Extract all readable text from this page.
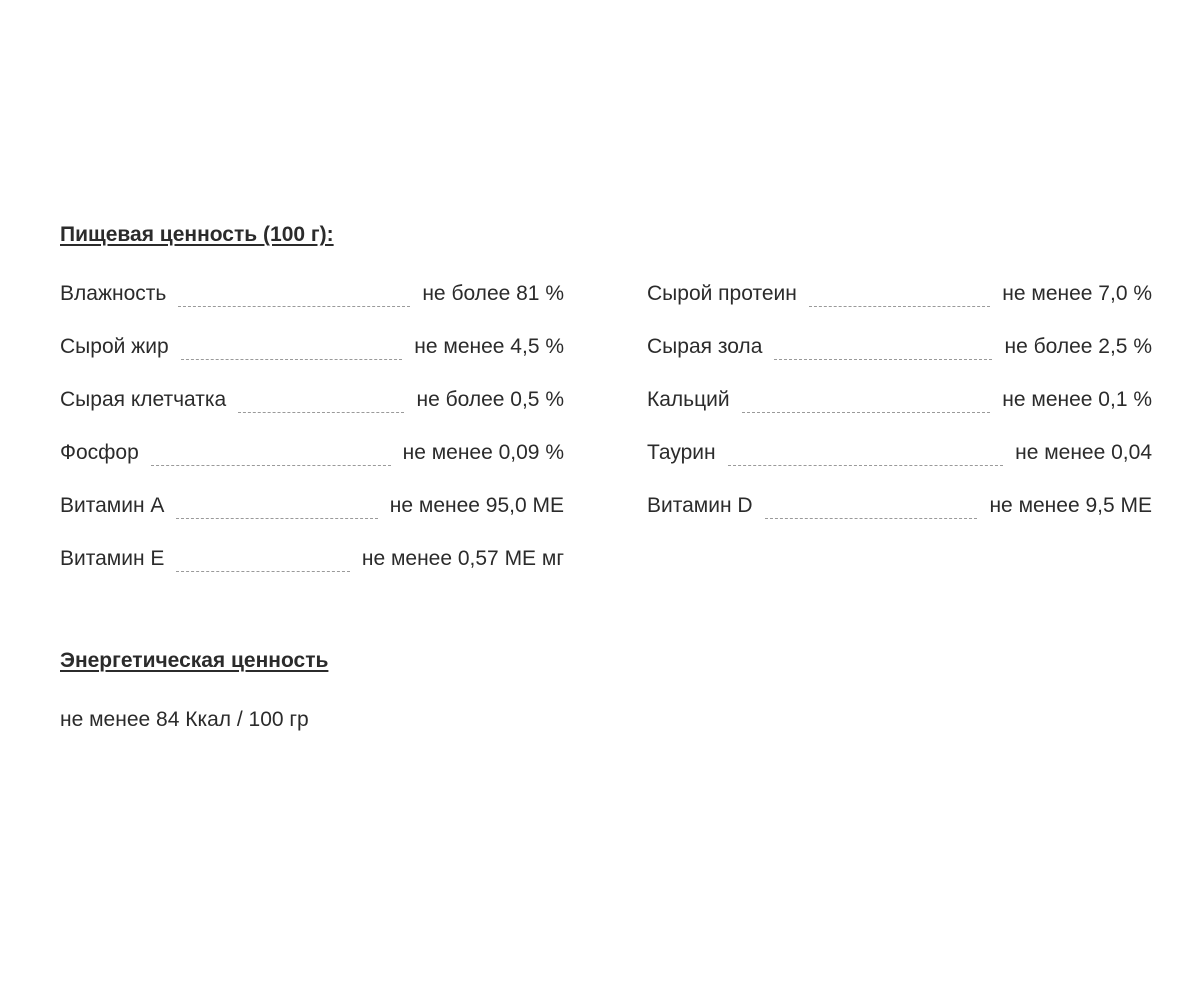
Пищевая ценность (100 г):
Влажность	не более 81 %
Сырой жир	не менее 4,5 %
Сырая клетчатка	не более 0,5 %
Фосфор	не менее 0,09 %
Витамин А	не менее 95,0 МЕ
Витамин Е	не менее 0,57 МЕ мг
Сырой протеин	не менее 7,0 %
Сырая зола	не более 2,5 %
Кальций	не менее 0,1 %
Таурин	не менее 0,04
Витамин D	не менее 9,5 МЕ
Энергетическая ценность
не менее 84 Ккал / 100 гр
